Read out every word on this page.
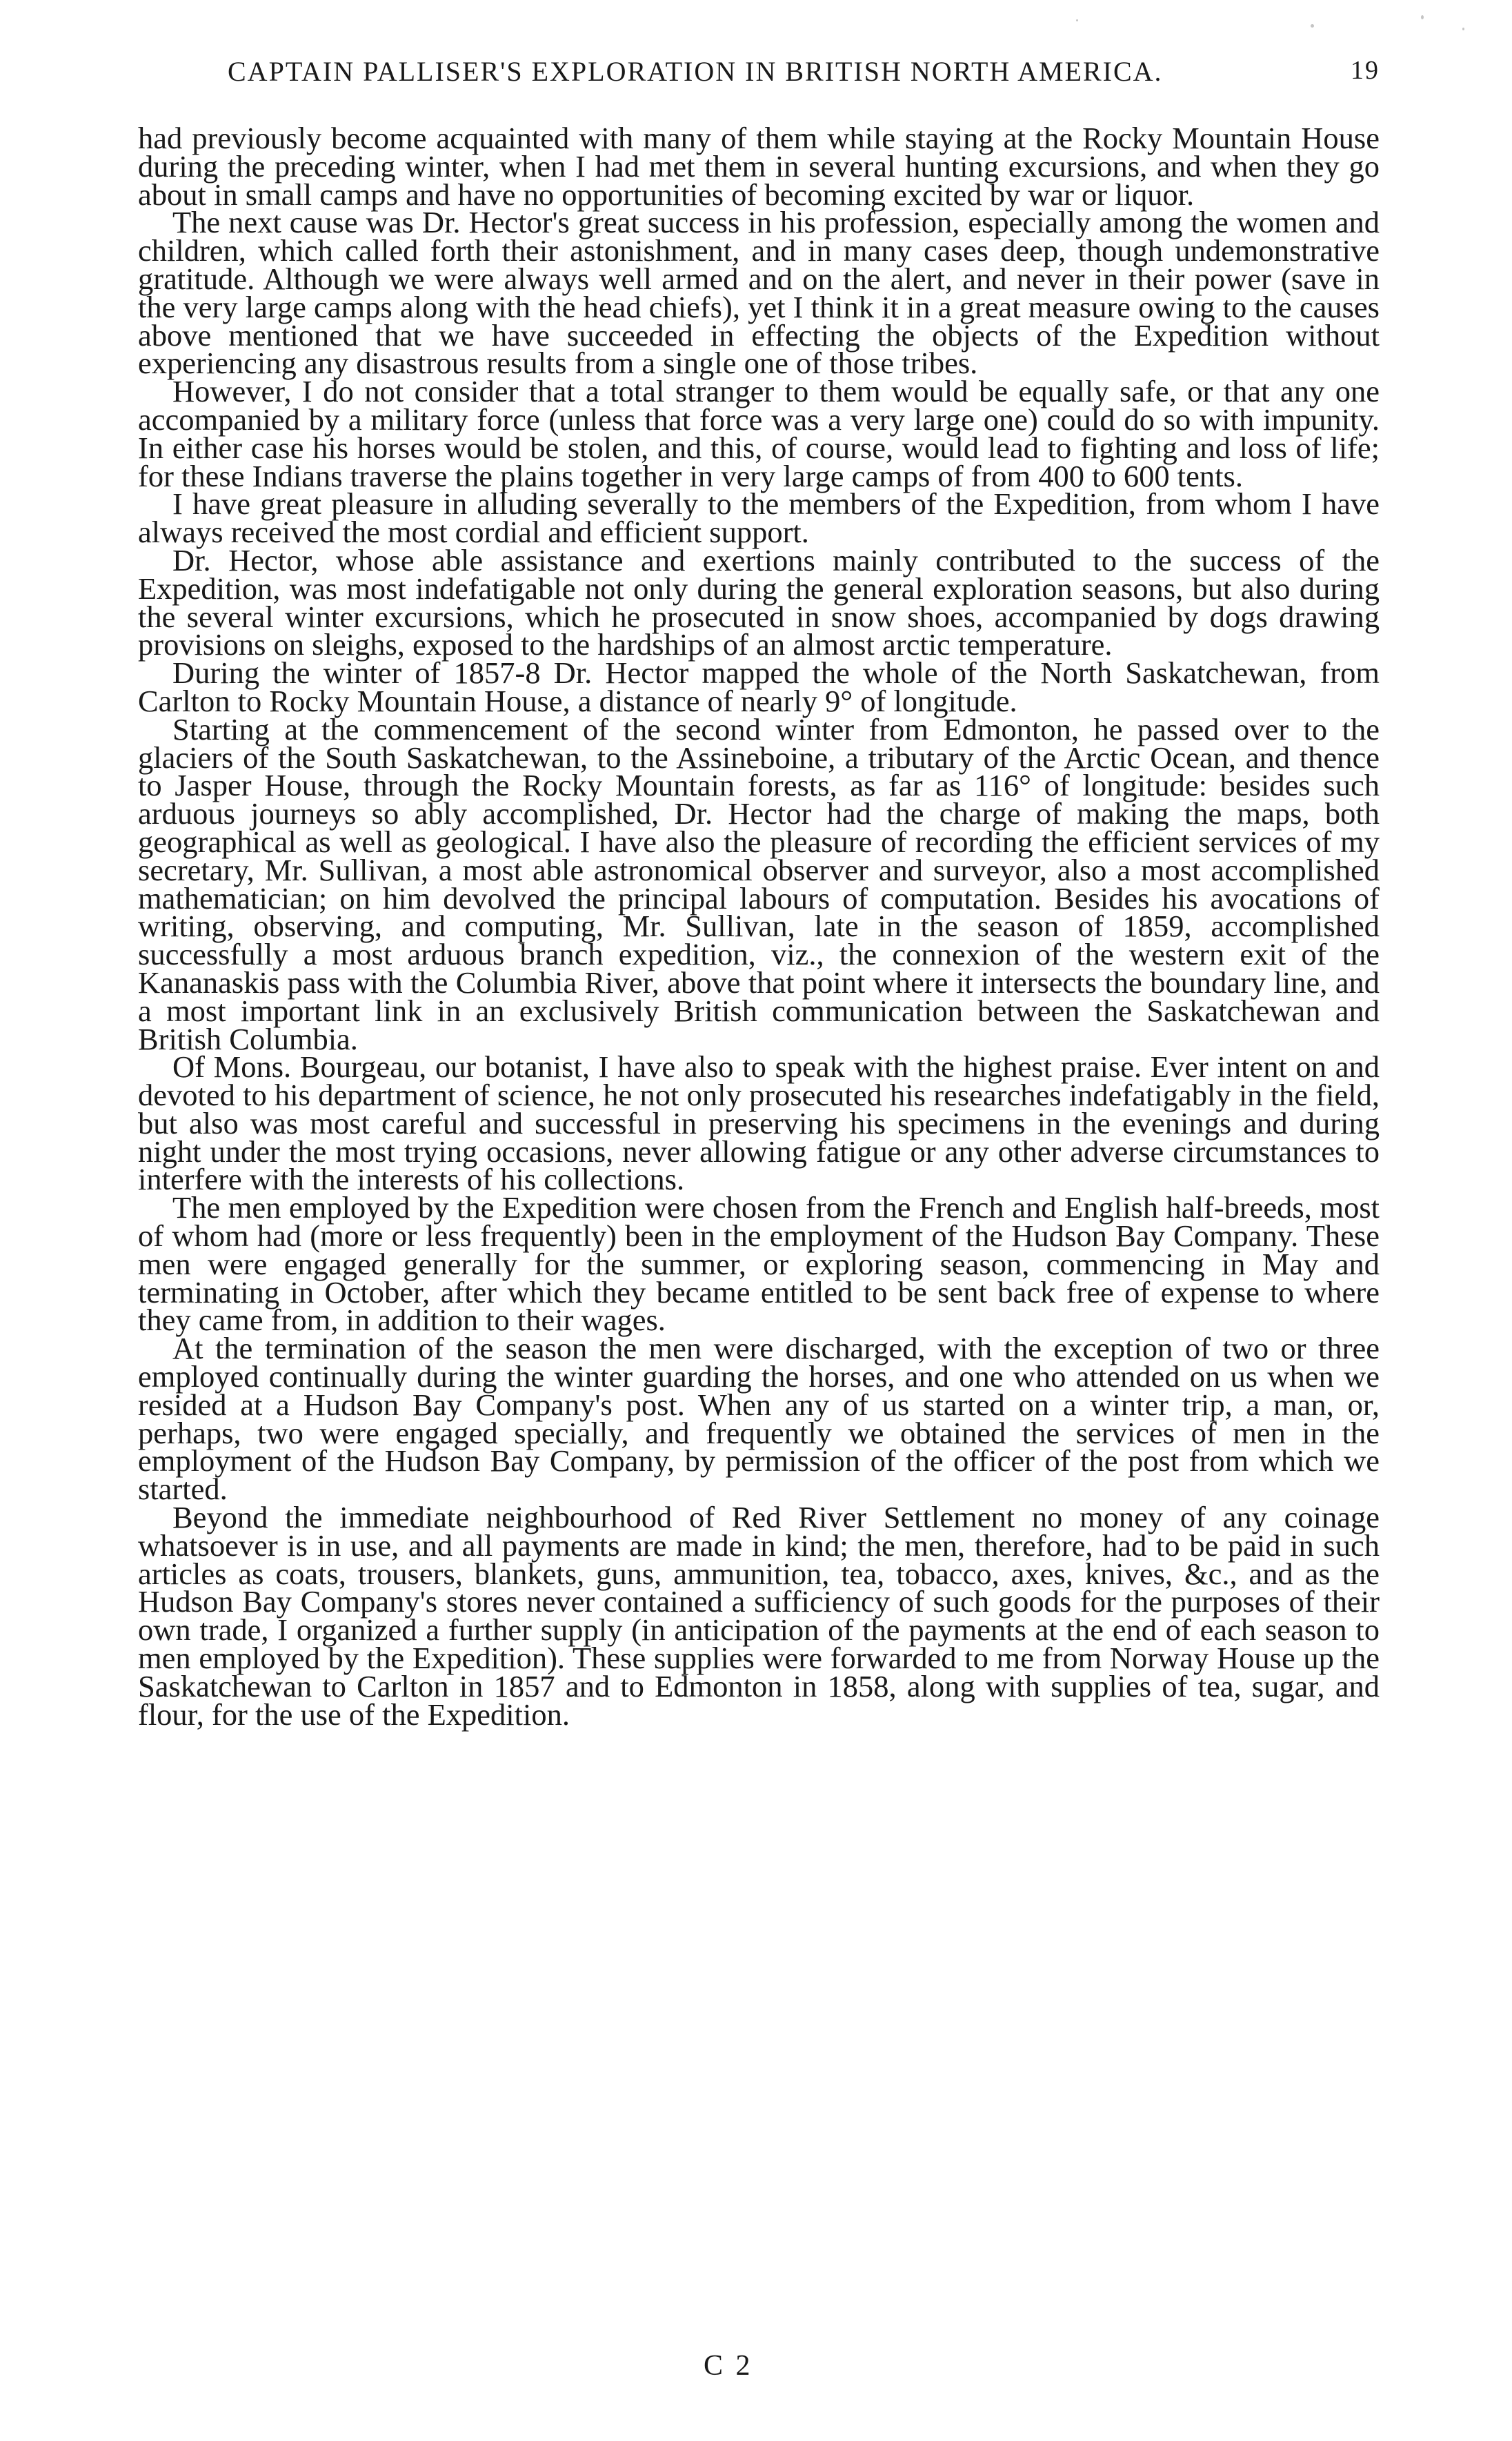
CAPTAIN PALLISER'S EXPLORATION IN BRITISH NORTH AMERICA.	19

had previously become acquainted with many of them while staying at the Rocky Mountain House during the preceding winter, when I had met them in several hunting excursions, and when they go about in small camps and have no opportunities of becoming excited by war or liquor.

The next cause was Dr. Hector's great success in his profession, especially among the women and children, which called forth their astonishment, and in many cases deep, though undemonstrative gratitude. Although we were always well armed and on the alert, and never in their power (save in the very large camps along with the head chiefs), yet I think it in a great measure owing to the causes above mentioned that we have succeeded in effecting the objects of the Expedition without experiencing any disastrous results from a single one of those tribes.

However, I do not consider that a total stranger to them would be equally safe, or that any one accompanied by a military force (unless that force was a very large one) could do so with impunity. In either case his horses would be stolen, and this, of course, would lead to fighting and loss of life; for these Indians traverse the plains together in very large camps of from 400 to 600 tents.

I have great pleasure in alluding severally to the members of the Expedition, from whom I have always received the most cordial and efficient support.

Dr. Hector, whose able assistance and exertions mainly contributed to the success of the Expedition, was most indefatigable not only during the general exploration seasons, but also during the several winter excursions, which he prosecuted in snow shoes, accompanied by dogs drawing provisions on sleighs, exposed to the hardships of an almost arctic temperature.

During the winter of 1857-8 Dr. Hector mapped the whole of the North Saskatchewan, from Carlton to Rocky Mountain House, a distance of nearly 9° of longitude.

Starting at the commencement of the second winter from Edmonton, he passed over to the glaciers of the South Saskatchewan, to the Assineboine, a tributary of the Arctic Ocean, and thence to Jasper House, through the Rocky Mountain forests, as far as 116° of longitude: besides such arduous journeys so ably accomplished, Dr. Hector had the charge of making the maps, both geographical as well as geological. I have also the pleasure of recording the efficient services of my secretary, Mr. Sullivan, a most able astronomical observer and surveyor, also a most accomplished mathematician; on him devolved the principal labours of computation. Besides his avocations of writing, observing, and computing, Mr. Sullivan, late in the season of 1859, accomplished successfully a most arduous branch expedition, viz., the connexion of the western exit of the Kananaskis pass with the Columbia River, above that point where it intersects the boundary line, and a most important link in an exclusively British communication between the Saskatchewan and British Columbia.

Of Mons. Bourgeau, our botanist, I have also to speak with the highest praise. Ever intent on and devoted to his department of science, he not only prosecuted his researches indefatigably in the field, but also was most careful and successful in preserving his specimens in the evenings and during night under the most trying occasions, never allowing fatigue or any other adverse circumstances to interfere with the interests of his collections.

The men employed by the Expedition were chosen from the French and English half-breeds, most of whom had (more or less frequently) been in the employment of the Hudson Bay Company. These men were engaged generally for the summer, or exploring season, commencing in May and terminating in October, after which they became entitled to be sent back free of expense to where they came from, in addition to their wages.

At the termination of the season the men were discharged, with the exception of two or three employed continually during the winter guarding the horses, and one who attended on us when we resided at a Hudson Bay Company's post. When any of us started on a winter trip, a man, or, perhaps, two were engaged specially, and frequently we obtained the services of men in the employment of the Hudson Bay Company, by permission of the officer of the post from which we started.

Beyond the immediate neighbourhood of Red River Settlement no money of any coinage whatsoever is in use, and all payments are made in kind; the men, therefore, had to be paid in such articles as coats, trousers, blankets, guns, ammunition, tea, tobacco, axes, knives, &c., and as the Hudson Bay Company's stores never contained a sufficiency of such goods for the purposes of their own trade, I organized a further supply (in anticipation of the payments at the end of each season to men employed by the Expedition). These supplies were forwarded to me from Norway House up the Saskatchewan to Carlton in 1857 and to Edmonton in 1858, along with supplies of tea, sugar, and flour, for the use of the Expedition.

C 2
